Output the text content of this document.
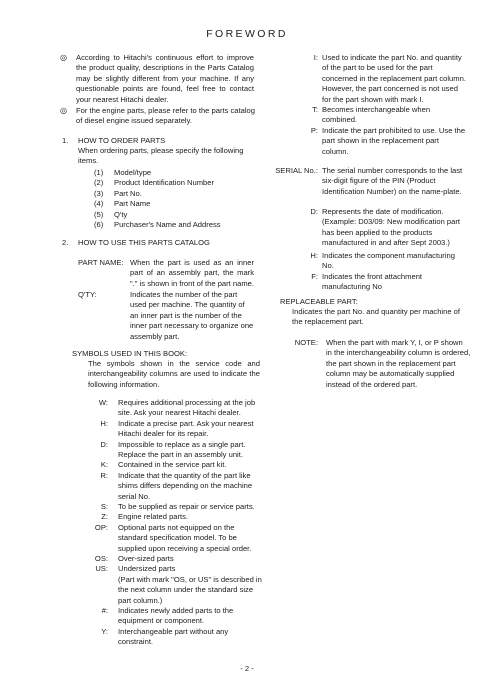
FOREWORD
◎ According to Hitachi's continuous effort to improve the product quality, descriptions in the Parts Catalog may be slightly different from your machine. If any questionable points are found, feel free to contact your nearest Hitachi dealer.
◎ For the engine parts, please refer to the parts catalog of diesel engine issued separately.
1. HOW TO ORDER PARTS
When ordering parts, please specify the following items.
(1) Model/type
(2) Product Identification Number
(3) Part No.
(4) Part Name
(5) Q'ty
(6) Purchaser's Name and Address
2. HOW TO USE THIS PARTS CATALOG
PART NAME: When the part is used as an inner part of an assembly part, the mark "." is shown in front of the part name.
Q'TY:	Indicates the number of the part used per machine. The quantity of an inner part is the number of the inner part necessary to organize one assembly part.
SYMBOLS USED IN THIS BOOK:
The symbols shown in the service code and interchangeability columns are used to indicate the following information.
W: Requires additional processing at the job
site. Ask your nearest Hitachi dealer.
H: Indicate a precise part. Ask your nearest
Hitachi dealer for its repair.
D: Impossible to replace as a single part.
Replace the part in an assembly unit.
K: Contained in the service part kit.
R: Indicate that the quantity of the part like
shims differs depending on the machine
serial No.
S: To be supplied as repair or service parts.
Z: Engine related parts.
OP: Optional parts not equipped on the
standard specification model. To be
supplied upon receiving a special order.
OS: Over-sized parts
US: Undersized parts
(Part with mark "OS, or US" is described in
the next column under the standard size
part column.)
#: Indicates newly added parts to the
equipment or component.
Y: Interchangeable part without any
constraint.
I: Used to indicate the part No. and quantity
of the part to be used for the part
concerned in the replacement part column.
However, the part concerned is not used
for the part shown with mark I.
T: Becomes interchangeable when
combined.
P: Indicate the part prohibited to use. Use the
part shown in the replacement part
column.
SERIAL No.: The serial number corresponds to the last
six-digit figure of the PIN (Product
Identification Number) on the name-plate.
D: Represents the date of modification.
(Example: D03/09: New modification part
has been applied to the products
manufactured in and after Sept 2003.)
H: Indicates the component manufacturing
No.
F: Indicates the front attachment
manufacturing No
REPLACEABLE PART:
Indicates the part No. and quantity per machine of
the replacement part.
NOTE: When the part with mark Y, I, or P shown
in the interchangeability column is ordered,
the part shown in the replacement part
column may be automatically supplied
instead of the ordered part.
- 2 -
